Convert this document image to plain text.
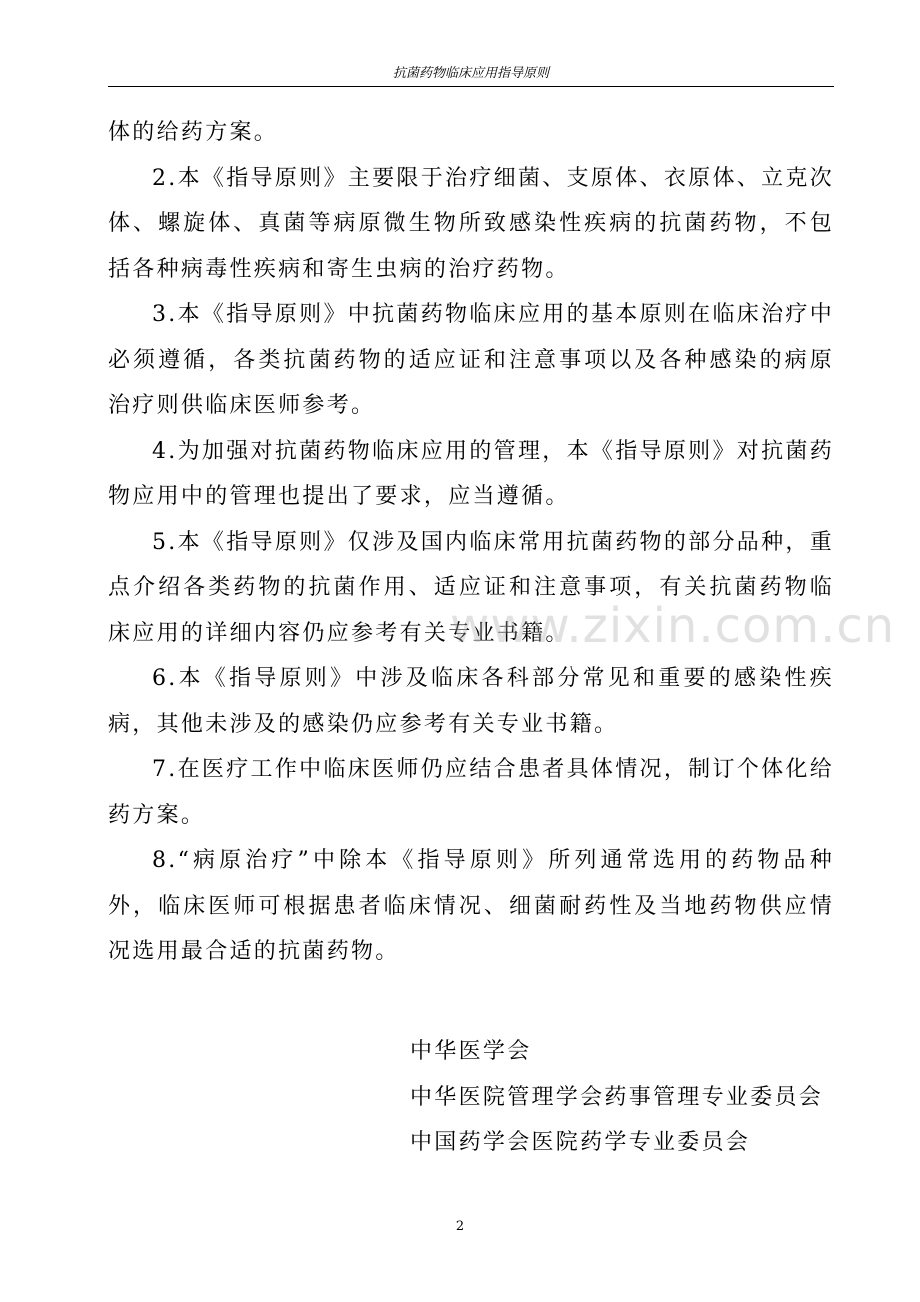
抗菌药物临床应用指导原则

体的给药方案。

2.本《指导原则》主要限于治疗细菌、支原体、衣原体、立克次体、螺旋体、真菌等病原微生物所致感染性疾病的抗菌药物，不包括各种病毒性疾病和寄生虫病的治疗药物。

3.本《指导原则》中抗菌药物临床应用的基本原则在临床治疗中必须遵循，各类抗菌药物的适应证和注意事项以及各种感染的病原治疗则供临床医师参考。

4.为加强对抗菌药物临床应用的管理，本《指导原则》对抗菌药物应用中的管理也提出了要求，应当遵循。

5.本《指导原则》仅涉及国内临床常用抗菌药物的部分品种，重点介绍各类药物的抗菌作用、适应证和注意事项，有关抗菌药物临床应用的详细内容仍应参考有关专业书籍。

6.本《指导原则》中涉及临床各科部分常见和重要的感染性疾病，其他未涉及的感染仍应参考有关专业书籍。

7.在医疗工作中临床医师仍应结合患者具体情况，制订个体化给药方案。

8.“病原治疗”中除本《指导原则》所列通常选用的药物品种外，临床医师可根据患者临床情况、细菌耐药性及当地药物供应情况选用最合适的抗菌药物。

www.zixin.com.cn
中华医学会
中华医院管理学会药事管理专业委员会
中国药学会医院药学专业委员会
2
